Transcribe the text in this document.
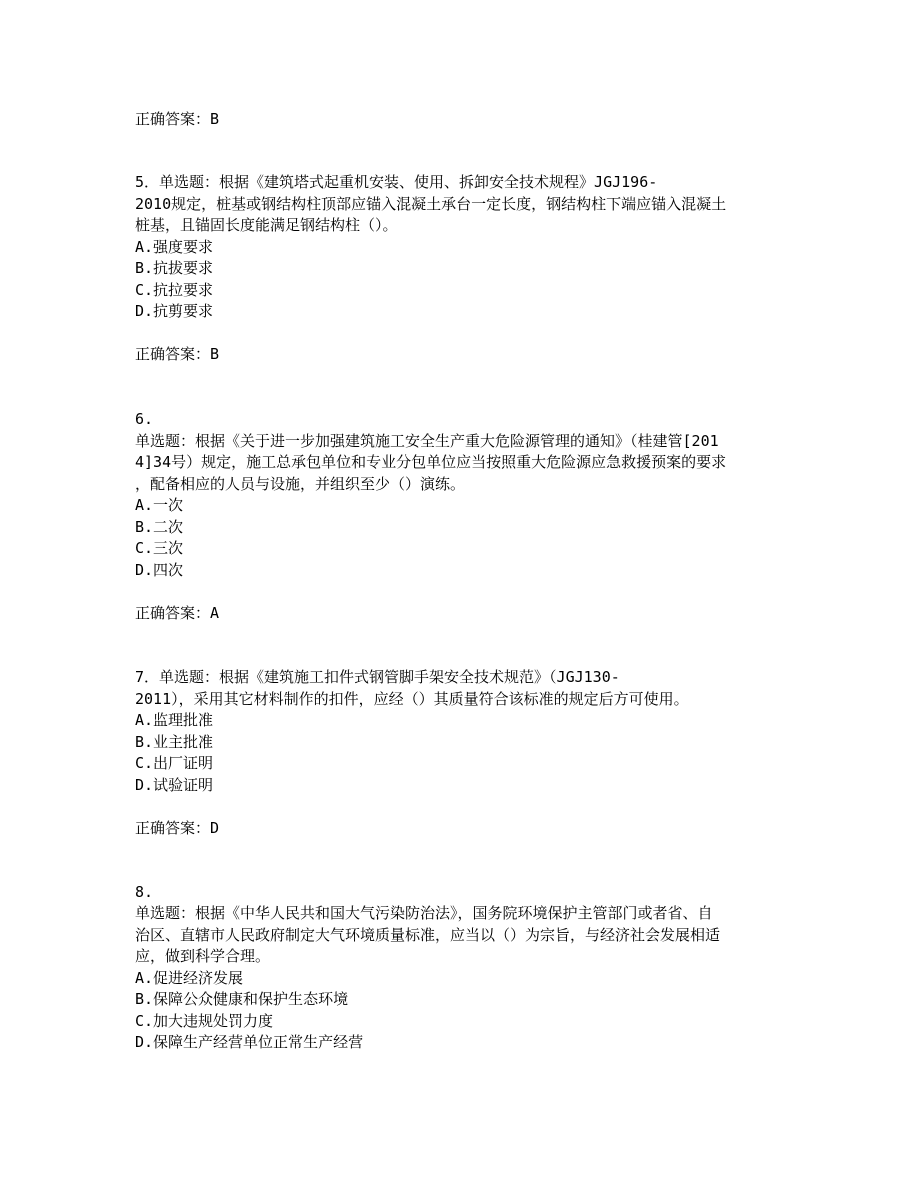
正确答案：B
5．单选题：根据《建筑塔式起重机安装、使用、拆卸安全技术规程》JGJ196-
2010规定，桩基或钢结构柱顶部应锚入混凝土承台一定长度，钢结构柱下端应锚入混凝土
桩基，且锚固长度能满足钢结构柱（）。
A.强度要求
B.抗拔要求
C.抗拉要求
D.抗剪要求
正确答案：B
6.
单选题：根据《关于进一步加强建筑施工安全生产重大危险源管理的通知》（桂建管[201
4]34号）规定，施工总承包单位和专业分包单位应当按照重大危险源应急救援预案的要求
，配备相应的人员与设施，并组织至少（）演练。
A.一次
B.二次
C.三次
D.四次
正确答案：A
7．单选题：根据《建筑施工扣件式钢管脚手架安全技术规范》（JGJ130-
2011），采用其它材料制作的扣件，应经（）其质量符合该标准的规定后方可使用。
A.监理批准
B.业主批准
C.出厂证明
D.试验证明
正确答案：D
8.
单选题：根据《中华人民共和国大气污染防治法》，国务院环境保护主管部门或者省、自
治区、直辖市人民政府制定大气环境质量标准，应当以（）为宗旨，与经济社会发展相适
应，做到科学合理。
A.促进经济发展
B.保障公众健康和保护生态环境
C.加大违规处罚力度
D.保障生产经营单位正常生产经营
